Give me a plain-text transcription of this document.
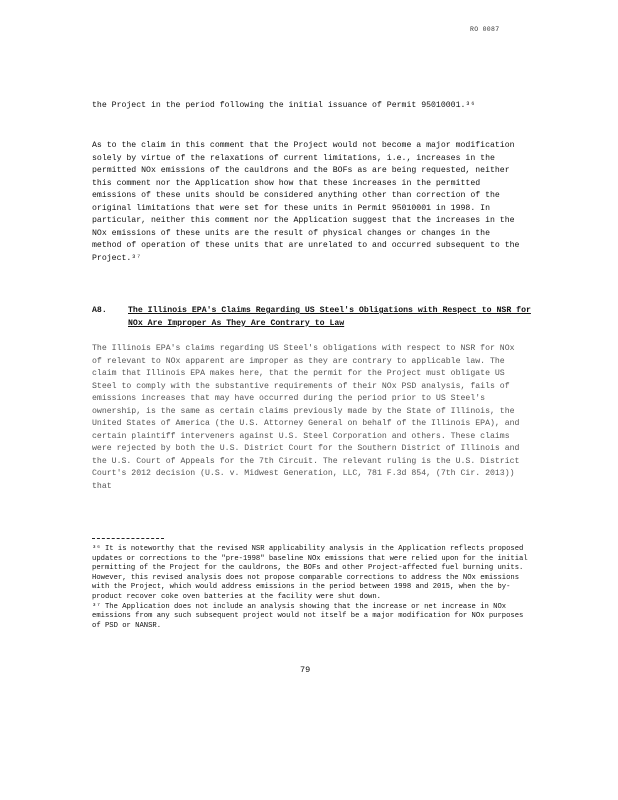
RO 0087
the Project in the period following the initial issuance of Permit 95010001.³⁶
As to the claim in this comment that the Project would not become a major modification solely by virtue of the relaxations of current limitations, i.e., increases in the permitted NOx emissions of the cauldrons and the BOFs as are being requested, neither this comment nor the Application show how that these increases in the permitted emissions of these units should be considered anything other than correction of the original limitations that were set for these units in Permit 95010001 in 1998. In particular, neither this comment nor the Application suggest that the increases in the NOx emissions of these units are the result of physical changes or changes in the method of operation of these units that are unrelated to and occurred subsequent to the Project.³⁷
A8.	The Illinois EPA's Claims Regarding US Steel's Obligations with Respect to NSR for NOx Are Improper As They Are Contrary to Law
The Illinois EPA's claims regarding US Steel's obligations with respect to NSR for NOx of relevant to NOx apparent are improper as they are contrary to applicable law. The claim that Illinois EPA makes here, that the permit for the Project must obligate US Steel to comply with the substantive requirements of their NOx PSD analysis, fails of emissions increases that may have occurred during the period prior to US Steel's ownership, is the same as certain claims previously made by the State of Illinois, the United States of America (the U.S. Attorney General on behalf of the Illinois EPA), and certain plaintiff interveners against U.S. Steel Corporation and others. These claims were rejected by both the U.S. District Court for the Southern District of Illinois and the U.S. Court of Appeals for the 7th Circuit. The relevant ruling is the U.S. District Court's 2012 decision (U.S. v. Midwest Generation, LLC, 781 F.3d 854, (7th Cir. 2013)) that

³⁶ It is noteworthy that the revised NSR applicability analysis in the Application reflects proposed updates or corrections to the "pre-1998" baseline NOx emissions that were relied upon for the initial permitting of the Project for the cauldrons, the BOFs and other Project-affected fuel burning units. However, this revised analysis does not propose comparable corrections to address the NOx emissions with the Project, which would address emissions in the period between 1998 and 2015, when the by-product recover coke oven batteries at the facility were shut down.

³⁷ The Application does not include an analysis showing that the increase or net increase in NOx emissions from any such subsequent project would not itself be a major modification for NOx purposes of PSD or NANSR.

79
